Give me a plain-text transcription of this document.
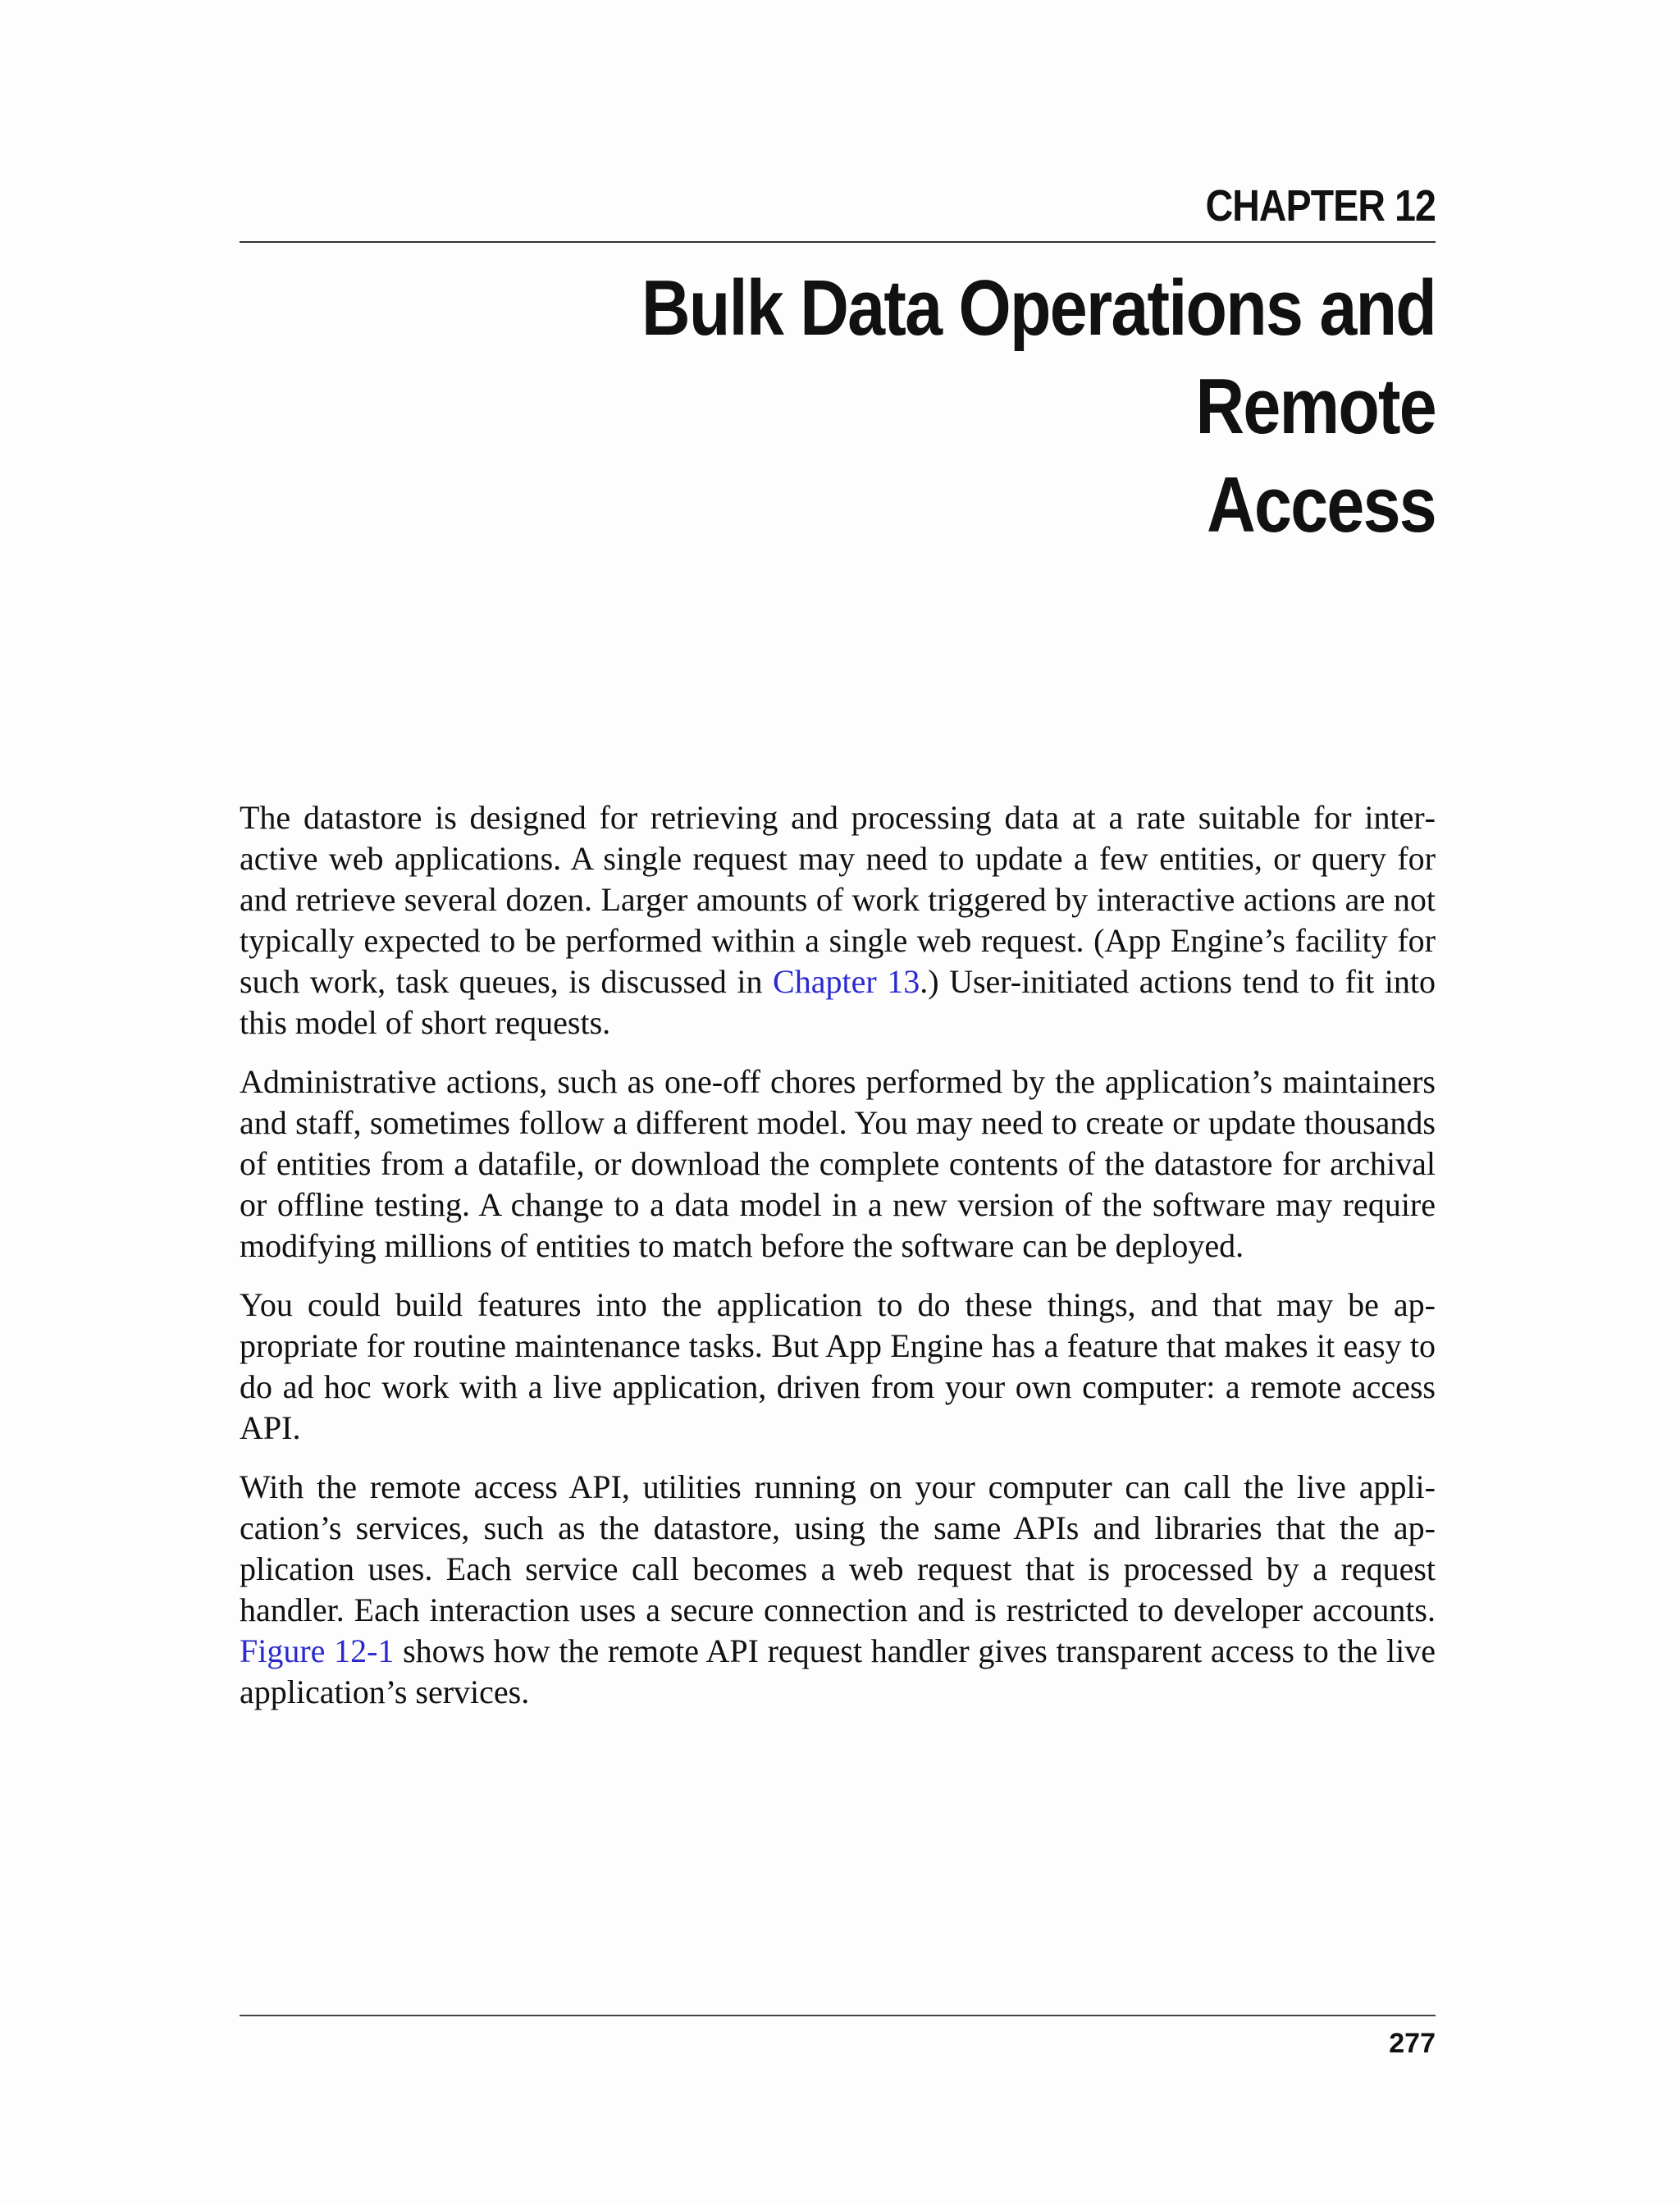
CHAPTER 12
Bulk Data Operations and Remote
Access

The datastore is designed for retrieving and processing data at a rate suitable for interactive web applications. A single request may need to update a few entities, or query for and retrieve several dozen. Larger amounts of work triggered by interactive actions are not typically expected to be performed within a single web request. (App Engine’s facility for such work, task queues, is discussed in Chapter 13.) User-initiated actions tend to fit into this model of short requests.

Administrative actions, such as one-off chores performed by the application’s maintainers and staff, sometimes follow a different model. You may need to create or update thousands of entities from a datafile, or download the complete contents of the datastore for archival or offline testing. A change to a data model in a new version of the software may require modifying millions of entities to match before the software can be deployed.

You could build features into the application to do these things, and that may be appropriate for routine maintenance tasks. But App Engine has a feature that makes it easy to do ad hoc work with a live application, driven from your own computer: a remote access API.

With the remote access API, utilities running on your computer can call the live application’s services, such as the datastore, using the same APIs and libraries that the application uses. Each service call becomes a web request that is processed by a request handler. Each interaction uses a secure connection and is restricted to developer accounts. Figure 12-1 shows how the remote API request handler gives transparent access to the live application’s services.

277
